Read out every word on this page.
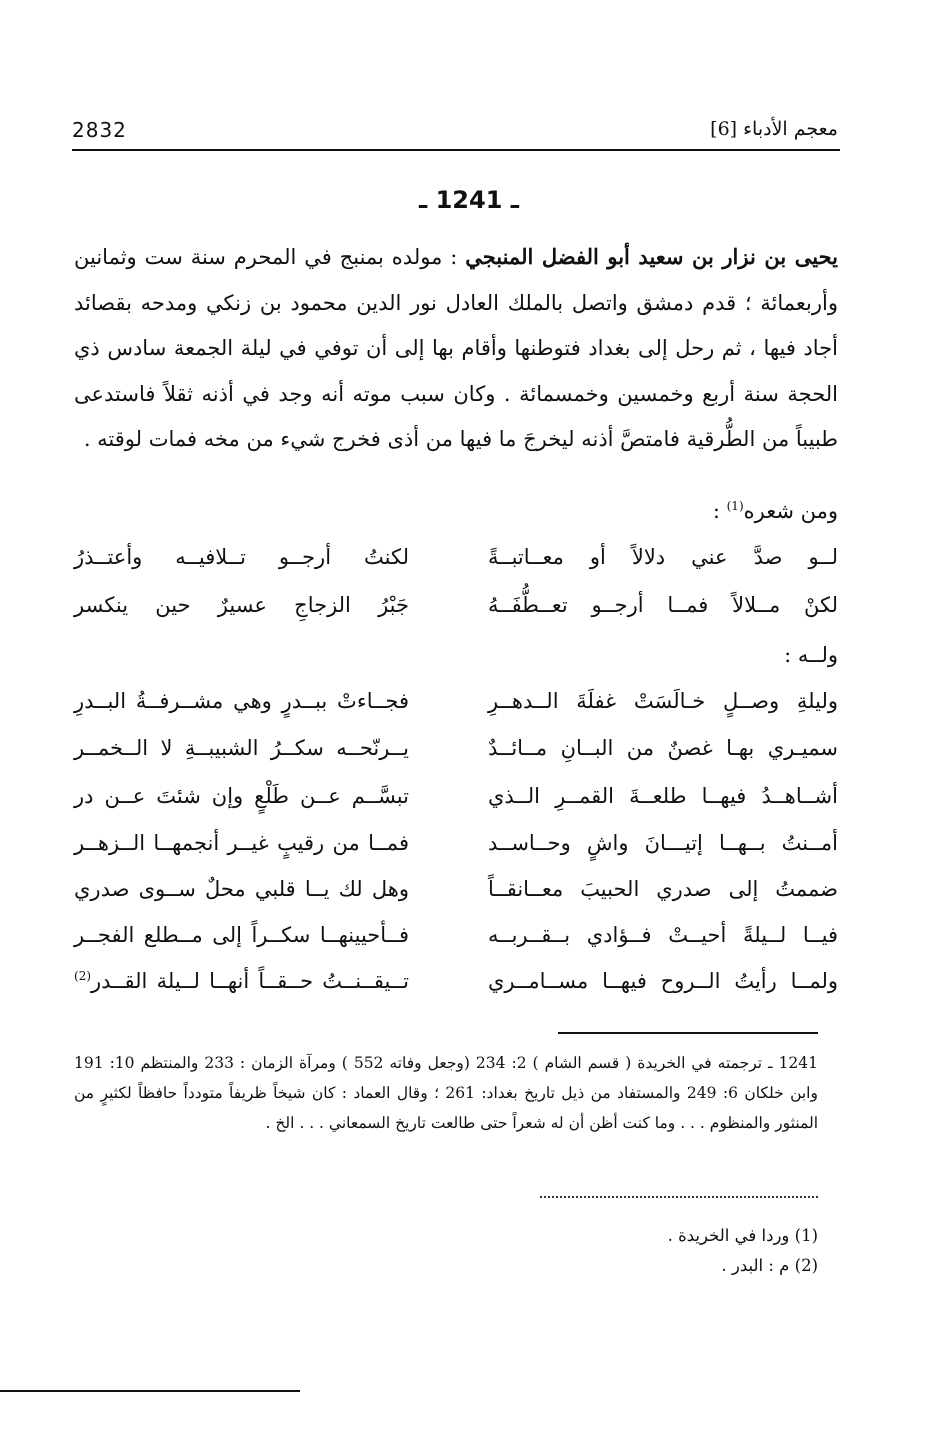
2832	معجم الأدباء [6]
ـ 1241 ـ
يحيى بن نزار بن سعيد أبو الفضل المنبجي : مولده بمنبج في المحرم سنة ست وثمانين وأربعمائة ؛ قدم دمشق واتصل بالملك العادل نور الدين محمود بن زنكي ومدحه بقصائد أجاد فيها ، ثم رحل إلى بغداد فتوطنها وأقام بها إلى أن توفي في ليلة الجمعة سادس ذي الحجة سنة أربع وخمسين وخمسمائة . وكان سبب موته أنه وجد في أذنه ثقلاً فاستدعى طبيباً من الطُّرقية فامتصَّ أذنه ليخرجَ ما فيها من أذى فخرج شيء من مخه فمات لوقته .
ومن شعره$^{(1)}$ :
لــو صدَّ عني دلالاً أو معــاتبــةً
لكنتُ أرجــو تــلافيــه وأعتــذرُ
لكنْ مــلالاً فمــا أرجــو تعــطُّفَــهُ
جَبْرُ الزجاجِ عسيرٌ حين ينكسر
ولــه :
وليلةِ وصــلٍ خـالَسَتْ غفلَةَ الــدهــرِ
فجــاءتْ ببــدرٍ وهي مشــرفــةُ البــدرِ
سميـري بهـا غصنٌ من البــانِ مــائــدٌ
يــرنّحــه سكــرُ الشبيبــةِ لا الــخمــر
أشــاهــدُ فيهــا طلعــةَ القمــرِ الــذي
تبسَّــم عــن طَلْعٍ وإن شئتَ عــن در
أمــنتُ بــهــا إتيـــانَ واشٍ وحــاســد
فمــا من رقيبٍ غيــر أنجمهــا الــزهــر
ضممتُ إلى صدري الحبيبَ معــانقــاً
وهل لك يــا قلبي محلٌ ســوى صدري
فيــا لــيلةً أحيــتْ فــؤادي بــقــربــه
فــأحيينهــا سكــراً إلى مــطلع الفجــر
ولمــا رأيتُ الــروح فيهــا مســامــري
تــيقــنــتُ حــقــاً أنهــا لــيلة القــدر$^{(2)}$
1241 ـ ترجمته في الخريدة ( قسم الشام ) 2: 234 (وجعل وفاته 552 ) ومرآة الزمان : 233 والمنتظم 10: 191 وابن خلكان 6: 249 والمستفاد من ذيل تاريخ بغداد: 261 ؛ وقال العماد : كان شيخاً ظريفاً متودداً حافظاً لكثيرٍ من المنثور والمنظوم . . . وما كنت أظن أن له شعراً حتى طالعت تاريخ السمعاني . . . الخ .
(1) وردا في الخريدة .
(2) م : البدر .
